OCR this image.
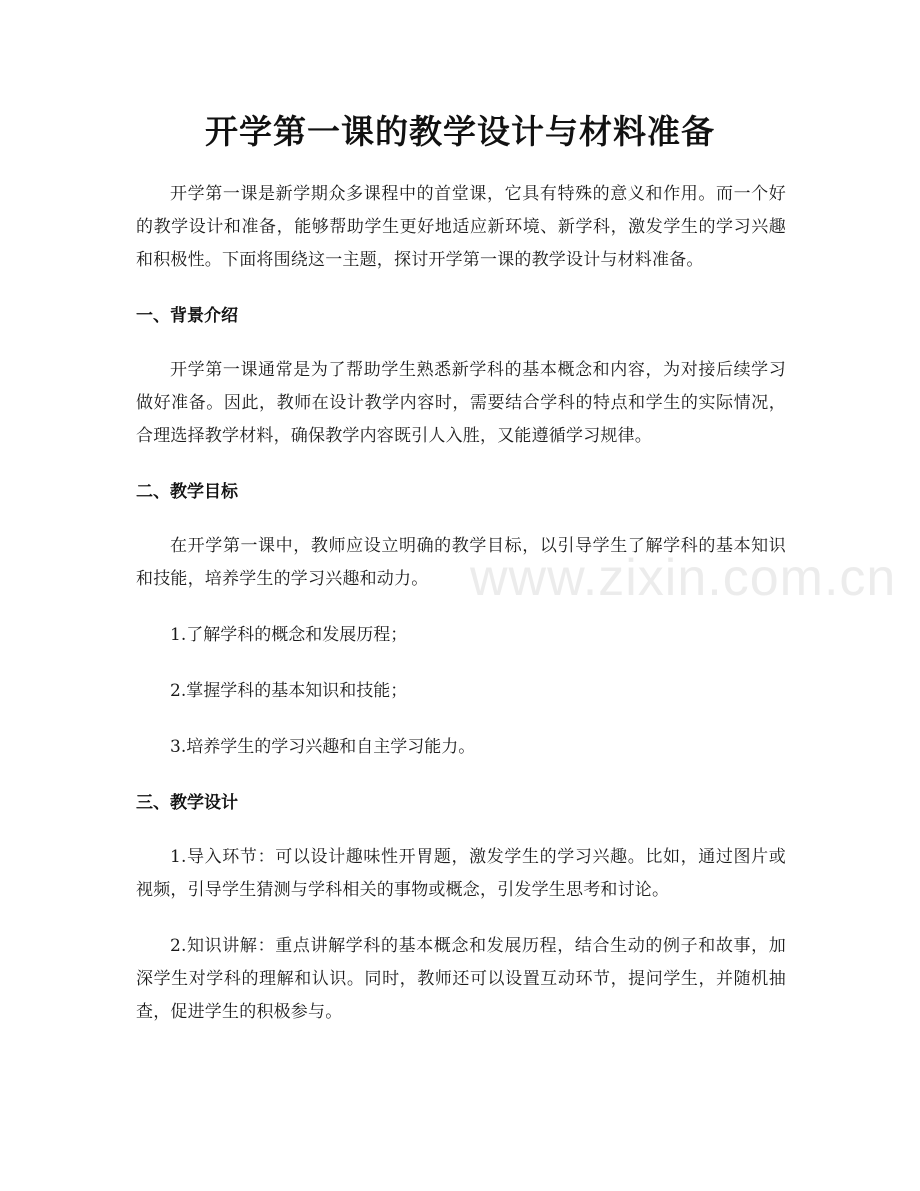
开学第一课的教学设计与材料准备

开学第一课是新学期众多课程中的首堂课，它具有特殊的意义和作用。而一个好的教学设计和准备，能够帮助学生更好地适应新环境、新学科，激发学生的学习兴趣和积极性。下面将围绕这一主题，探讨开学第一课的教学设计与材料准备。

一、背景介绍

开学第一课通常是为了帮助学生熟悉新学科的基本概念和内容，为对接后续学习做好准备。因此，教师在设计教学内容时，需要结合学科的特点和学生的实际情况，合理选择教学材料，确保教学内容既引人入胜，又能遵循学习规律。

二、教学目标

在开学第一课中，教师应设立明确的教学目标，以引导学生了解学科的基本知识和技能，培养学生的学习兴趣和动力。

1.了解学科的概念和发展历程；

2.掌握学科的基本知识和技能；

3.培养学生的学习兴趣和自主学习能力。

三、教学设计

1.导入环节：可以设计趣味性开胃题，激发学生的学习兴趣。比如，通过图片或视频，引导学生猜测与学科相关的事物或概念，引发学生思考和讨论。

2.知识讲解：重点讲解学科的基本概念和发展历程，结合生动的例子和故事，加深学生对学科的理解和认识。同时，教师还可以设置互动环节，提问学生，并随机抽查，促进学生的积极参与。

www.zixin.com.cn
